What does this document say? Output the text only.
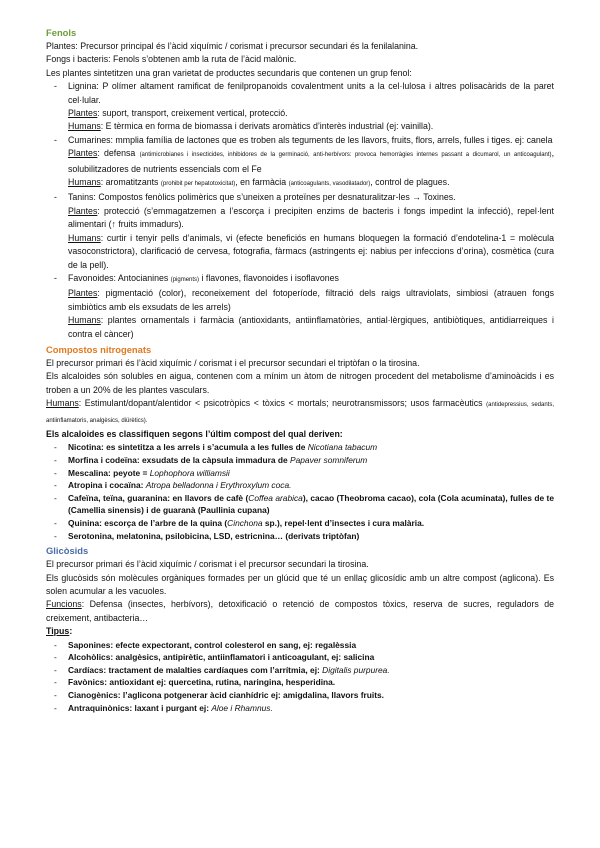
Fenols

Plantes: Precursor principal és l’àcid xiquímic / corismat i precursor secundari és la fenilalanina.

Fongs i bacteris: Fenols s’obtenen amb la ruta de l’àcid malònic.

Les plantes sintetitzen una gran varietat de productes secundaris que contenen un grup fenol:

- Lignina: P olímer altament ramificat de fenilpropanoids covalentment units a la cel·lulosa i altres polisacàrids de la paret cel·lular.
Plantes: suport, transport, creixement vertical, protecció.
Humans: E tèrmica en forma de biomassa i derivats aromàtics d’interès industrial (ej: vainilla).
- Cumarines: mmplia família de lactones que es troben als teguments de les llavors, fruits, flors, arrels, fulles i tiges. ej: canela
Plantes: defensa (antimicrobianes i insecticides, inhibidores de la germinació, anti-herbívors: provoca hemorràgies internes passant a dicumarol, un anticoagulant), solubilitzadores de nutrients essencials com el Fe
Humans: aromatitzants (prohibit per hepatotoxicitat), en farmàcia (anticoagulants, vasodilatador), control de plagues.
- Tanins: Compostos fenòlics polimèrics que s’uneixen a proteïnes per desnaturalitzar-les → Toxines.
Plantes: protecció (s’emmagatzemen a l’escorça i precipiten enzims de bacteris i fongs impedint la infecció), repel·lent alimentari (↑ fruits immadurs).
Humans: curtir i tenyir pells d’animals, vi (efecte beneficiós en humans bloquegen la formació d’endotelina-1 = molècula vasoconstrictora), clarificació de cervesa, fotografia, fàrmacs (astringents ej: nabius per infeccions d’orina), cosmètica (cura de la pell).
- Favonoides: Antocianines (pigments) i flavones, flavonoides i isoflavones
Plantes: pigmentació (color), reconeixement del fotoperíode, filtració dels raigs ultraviolats, simbiosi (atrauen fongs simbiòtics amb els exsudats de les arrels)
Humans: plantes ornamentals i farmàcia (antioxidants, antiinflamatòries, antial·lèrgiques, antibiòtiques, antidiarreiques i contra el càncer)
Compostos nitrogenats

El precursor primari és l’àcid xiquímic / corismat i el precursor secundari el triptòfan o la tirosina.

Els alcaloides són solubles en aigua, contenen com a mínim un àtom de nitrogen procedent del metabolisme d’aminoàcids i es troben a un 20% de les plantes vasculars.

Humans: Estimulant/dopant/alentidor < psicotròpics < tòxics < mortals; neurotransmissors; usos farmacèutics (antidepressius, sedants, antiinflamatoris, analgèsics, diürètics).

Els alcaloides es classifiquen segons l’últim compost del qual deriven:

- Nicotina: es sintetitza a les arrels i s’acumula a les fulles de Nicotiana tabacum
- Morfina i codeïna: exsudats de la càpsula immadura de Papaver somniferum
- Mescalina: peyote = Lophophora williamsii
- Atropina i cocaïna: Atropa belladonna i Erythroxylum coca.
- Cafeïna, teïna, guaranina: en llavors de cafè (Coffea arabica), cacao (Theobroma cacao), cola (Cola acuminata), fulles de te (Camellia sinensis) i de guaranà (Paullinia cupana)
- Quinina: escorça de l’arbre de la quina (Cinchona sp.), repel·lent d’insectes i cura malària.
- Serotonina, melatonina, psilobicina, LSD, estricnina… (derivats triptòfan)
Glicòsids

El precursor primari és l’àcid xiquímic / corismat i el precursor secundari la tirosina.

Els glucòsids són molècules orgàniques formades per un glúcid que té un enllaç glicosídic amb un altre compost (aglicona). Es solen acumular a les vacuoles.

Funcions: Defensa (insectes, herbívors), detoxificació o retenció de compostos tòxics, reserva de sucres, reguladors de creixement, antibacteria…

Tipus:

- Saponines: efecte expectorant, control colesterol en sang, ej: regalèssia
- Alcohòlics: analgèsics, antipirètic, antiinflamatori i anticoagulant, ej: salicina
- Cardíacs: tractament de malalties cardíaques com l’arrítmia, ej: Digitalis purpurea.
- Favònics: antioxidant ej: quercetina, rutina, naringina, hesperidina.
- Cianogènics: l’aglicona potgenerar àcid cianhídric ej: amigdalina, llavors fruits.
- Antraquinònics: laxant i purgant ej: Aloe i Rhamnus.
